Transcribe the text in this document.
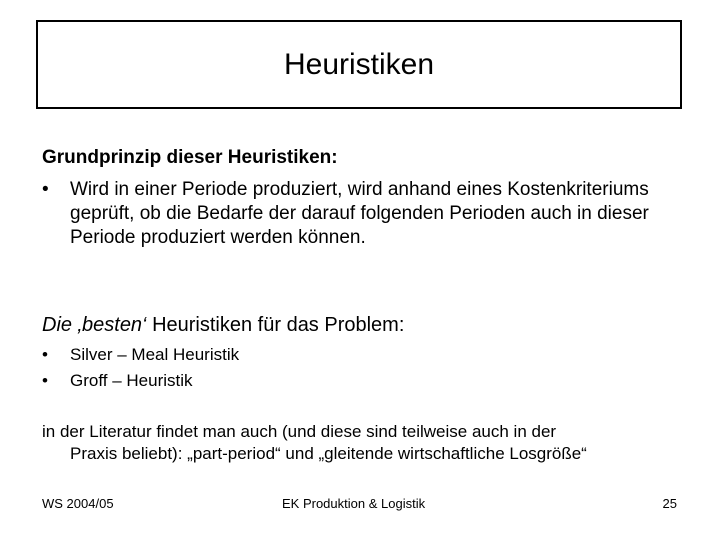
Heuristiken
Grundprinzip dieser Heuristiken:
•	Wird in einer Periode produziert, wird anhand eines Kostenkriteriums geprüft, ob die Bedarfe der darauf folgenden Perioden auch in dieser Periode produziert werden können.
Die ‚besten‘ Heuristiken für das Problem:
•	Silver – Meal Heuristik
•	Groff – Heuristik
in der Literatur findet man auch (und diese sind teilweise auch in der
Praxis beliebt): „part-period“ und „gleitende wirtschaftliche Losgröße“
WS 2004/05	EK Produktion & Logistik	25
